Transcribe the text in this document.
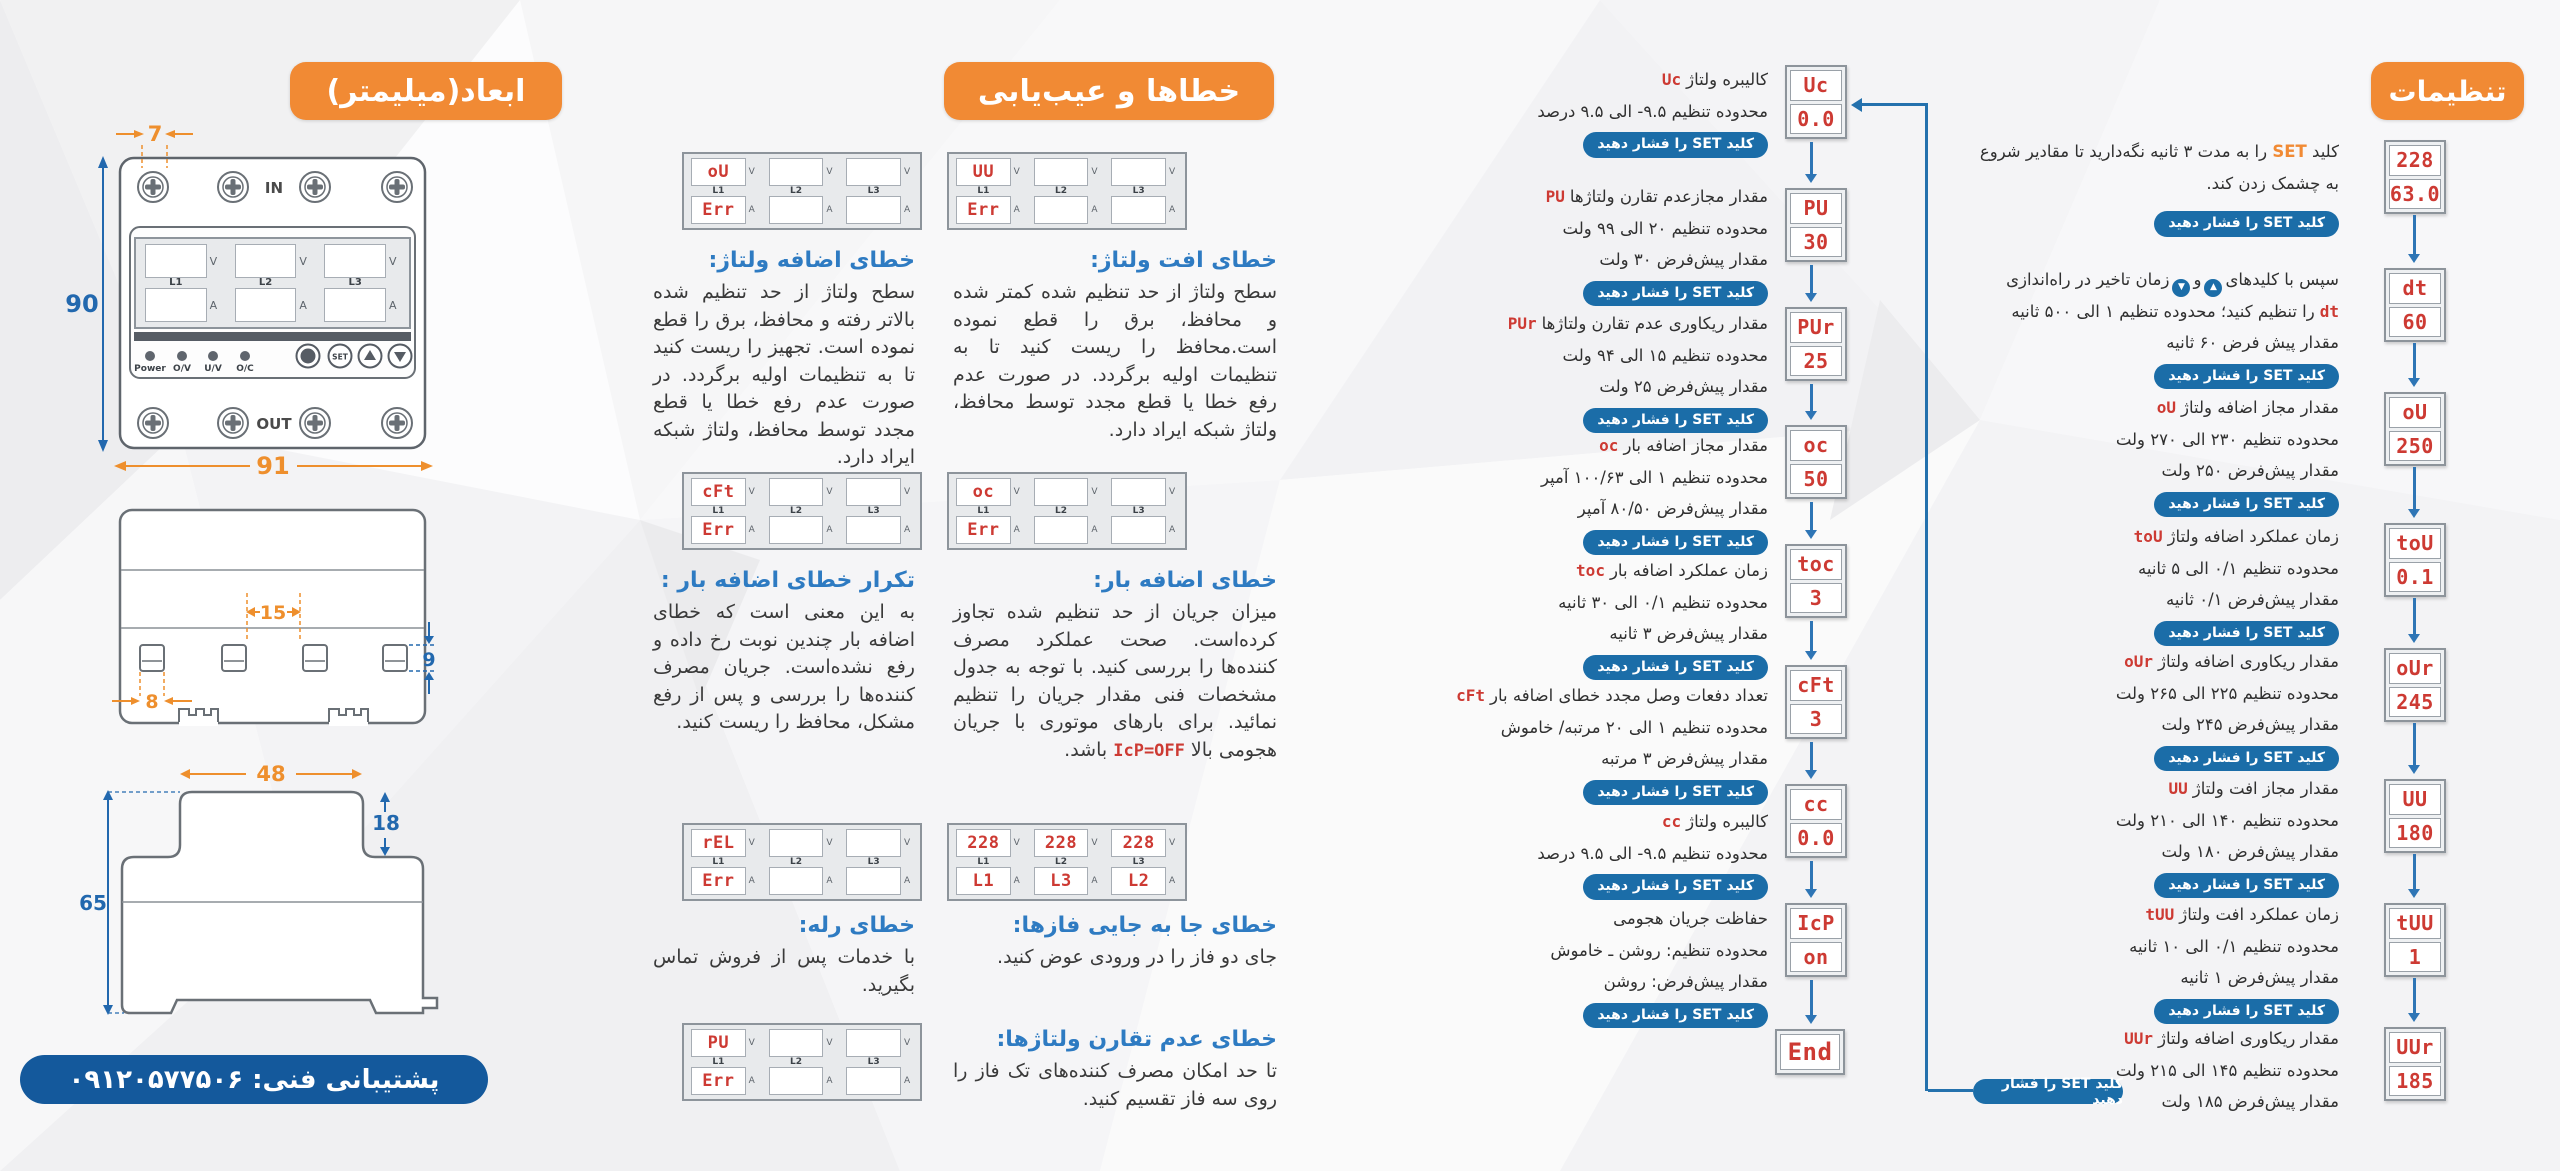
ابعاد(میلیمتر)	خطاها و عیب‌یابی	تنظیمات
IN
Power O/V U/V O/C
SET
OUT
7
90
91
V
L1
A
V
L2
A
V
L3
A
15
9
8
48
18
65
پشتیبانی فنی: ۰۹۱۲۰۵۷۷۵۰۶
oU V
L1
Err A
V
L2
A
V
L3
A
خطای اضافه ولتاژ:
سطح ولتاژ از حد تنظیم شده بالاتر رفته و محافظ، برق را قطع نموده است. تجهیز را ریست کنید تا به تنظیمات اولیه برگردد. در صورت عدم رفع خطا یا قطع مجدد توسط محافظ، ولتاژ شبکه ایراد دارد.
UU V
L1
Err A
V
L2
A
V
L3
A
خطای افت ولتاژ:
سطح ولتاژ از حد تنظیم شده کمتر شده و محافظ، برق را قطع نموده است.محافظ را ریست کنید تا به تنظیمات اولیه برگردد. در صورت عدم رفع خطا یا قطع مجدد توسط محافظ، ولتاژ شبکه ایراد دارد.
cFt V
L1
Err A
V
L2
A
V
L3
A
تکرار خطای اضافه بار :
به این معنی است که خطای اضافه بار چندین نوبت رخ داده و رفع نشده‌است. جریان مصرف کننده‌ها را بررسی و پس از رفع مشکل، محافظ را ریست کنید.
oc V
L1
Err A
V
L2
A
V
L3
A
خطای اضافه بار:
میزان جریان از حد تنظیم شده تجاوز کرده‌است. صحت عملکرد مصرف کننده‌ها را بررسی کنید. با توجه به جدول مشخصات فنی مقدار جریان را تنظیم نمائید. برای بارهای موتوری با جریان هجومی بالا IcP=OFF باشد.
rEL V
L1
Err A
V
L2
A
V
L3
A
خطای رله:
با خدمات پس از فروش تماس بگیرید.
PU V
L1
Err A
V
L2
A
V
L3
A
228 V
L1
L1 A
228 V
L2
L3 A
228 V
L3
L2 A
خطای جا به جایی فازها:
جای دو فاز را در ورودی عوض کنید.
خطای عدم تقارن ولتاژها:
تا حد امکان مصرف کننده‌های تک فاز را روی سه فاز تقسیم کنید.
Uc
0.0
PU
30
PUr
25
oc
50
toc
3
cFt
3
cc
0.0
IcP
on
End
کالیبره ولتاژUc
محدوده تنظیم ۹.۵- الی ۹.۵ درصد
کلید SET را فشار دهید
مقدار مجازعدم تقارن ولتاژهاPU
محدوده تنظیم ۲۰ الی ۹۹ ولت
مقدار پیش‌فرض ۳۰ ولت
کلید SET را فشار دهید
مقدار ریکاوری عدم تقارن ولتاژهاPUr
محدوده تنظیم ۱۵ الی ۹۴ ولت
مقدار پیش‌فرض ۲۵ ولت
کلید SET را فشار دهید
مقدار مجاز اضافه بارoc
محدوده تنظیم ۱ الی ۱۰۰/۶۳ آمپر
مقدار پیش‌فرض ۸۰/۵۰ آمپر
کلید SET را فشار دهید
زمان عملکرد اضافه بارtoc
محدوده تنظیم ۰/۱ الی ۳۰ ثانیه
مقدار پیش‌فرض ۳ ثانیه
کلید SET را فشار دهید
تعداد دفعات وصل مجدد خطای اضافه بارcFt
محدوده تنظیم ۱ الی ۲۰ مرتبه/ خاموش
مقدار پیش‌فرض ۳ مرتبه
کلید SET را فشار دهید
کالیبره ولتاژcc
محدوده تنظیم ۹.۵- الی ۹.۵ درصد
کلید SET را فشار دهید
حفاظت جریان هجومی
محدوده تنظیم: روشن ـ خاموش
مقدار پیش‌فرض: روشن
کلید SET را فشار دهید
228
63.0
dt
60
oU
250
toU
0.1
oUr
245
UU
180
tUU
1
UUr
185
کلید SET را به مدت ۳ ثانیه نگه‌دارید تا مقادیر شروع
به چشمک زدن کند.
کلید SET را فشار دهید
سپس با کلیدهای▲و▼زمان تاخیر در راه‌اندازی
dtرا تنظیم کنید؛ محدوده تنظیم ۱ الی ۵۰۰ ثانیه
مقدار پیش فرض ۶۰ ثانیه
کلید SET را فشار دهید
مقدار مجاز اضافه ولتاژoU
محدوده تنظیم ۲۳۰ الی ۲۷۰ ولت
مقدار پیش‌فرض ۲۵۰ ولت
کلید SET را فشار دهید
زمان عملکرد اضافه ولتاژtoU
محدوده تنظیم ۰/۱ الی ۵ ثانیه
مقدار پیش‌فرض ۰/۱ ثانیه
کلید SET را فشار دهید
مقدار ریکاوری اضافه ولتاژoUr
محدوده تنظیم ۲۲۵ الی ۲۶۵ ولت
مقدار پیش‌فرض ۲۴۵ ولت
کلید SET را فشار دهید
مقدار مجاز افت ولتاژUU
محدوده تنظیم ۱۴۰ الی ۲۱۰ ولت
مقدار پیش‌فرض ۱۸۰ ولت
کلید SET را فشار دهید
زمان عملکرد افت ولتاژtUU
محدوده تنظیم ۰/۱ الی ۱۰ ثانیه
مقدار پیش‌فرض ۱ ثانیه
کلید SET را فشار دهید
مقدار ریکاوری اضافه ولتاژUUr
محدوده تنظیم ۱۴۵ الی ۲۱۵ ولت
مقدار پیش‌فرض ۱۸۵ ولت
کلید SET را فشار دهید
